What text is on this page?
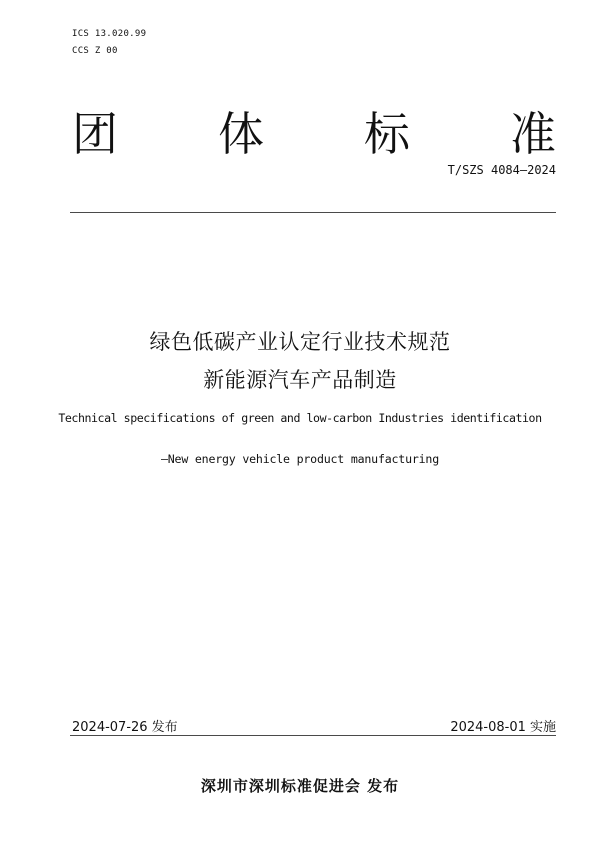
ICS 13.020.99
CCS Z 00
团 体 标 准
T/SZS 4084—2024
绿色低碳产业认定行业技术规范
新能源汽车产品制造
Technical specifications of green and low-carbon Industries identification
—New energy vehicle product manufacturing
2024-07-26 发布	2024-08-01 实施
深圳市深圳标准促进会 发布
